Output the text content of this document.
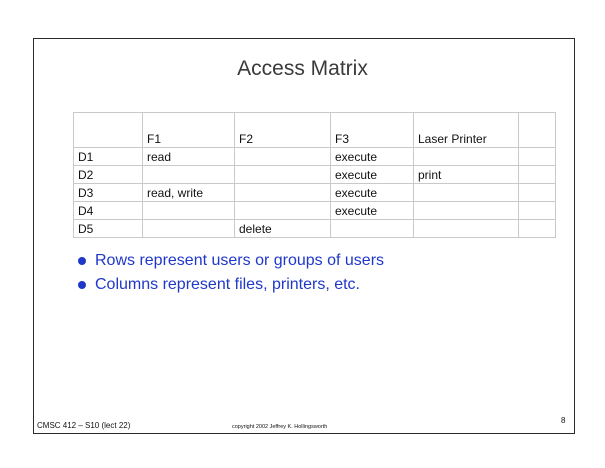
Access Matrix
	F1	F2	F3	Laser Printer	
D1	read		execute		
D2			execute	print	
D3	read, write		execute		
D4			execute		
D5		delete			
Rows represent users or groups of users
Columns represent files, printers, etc.
CMSC 412 – S10 (lect 22)	copyright 2002 Jeffrey K. Hollingsworth
8
